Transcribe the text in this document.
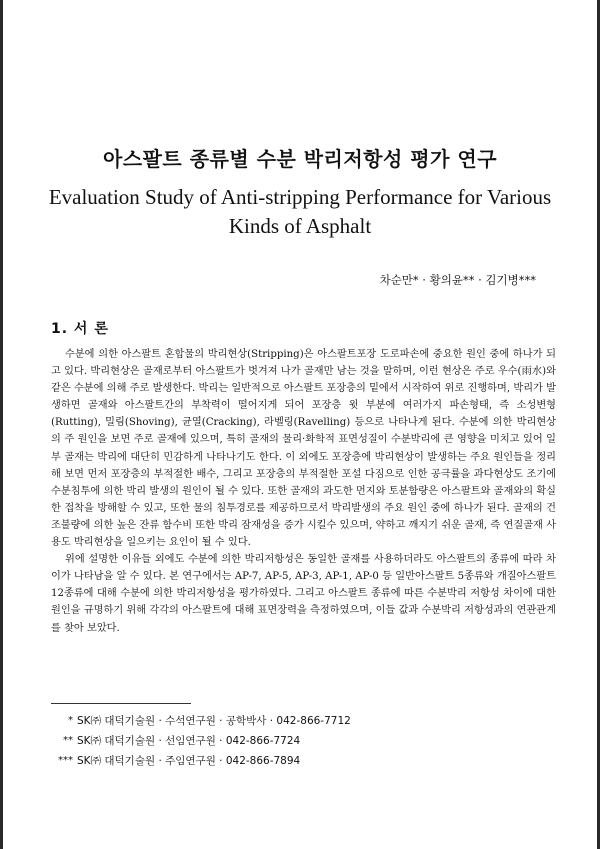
아스팔트 종류별 수분 박리저항성 평가 연구
Evaluation Study of Anti-stripping Performance for Various Kinds of Asphalt
차순만* · 황의윤** · 김기병***
1. 서 론

수분에 의한 아스팔트 혼합물의 박리현상(Stripping)은 아스팔트포장 도로파손에 중요한 원인 중에 하나가 되고 있다. 박리현상은 골재로부터 아스팔트가 벗겨져 나가 골재만 남는 것을 말하며, 이런 현상은 주로 우수(雨水)와 같은 수분에 의해 주로 발생한다. 박리는 일반적으로 아스팔트 포장층의 밑에서 시작하여 위로 진행하며, 박리가 발생하면 골재와 아스팔트간의 부착력이 떨어지게 되어 포장층 윗 부분에 여러가지 파손형태, 즉 소성변형(Rutting), 밀림(Shoving), 균열(Cracking), 라벨링(Ravelling) 등으로 나타나게 된다. 수분에 의한 박리현상의 주 원인을 보면 주로 골재에 있으며, 특히 골재의 물리·화학적 표면성질이 수분박리에 큰 영향을 미치고 있어 일부 골재는 박리에 대단히 민감하게 나타나기도 한다. 이 외에도 포장층에 박리현상이 발생하는 주요 원인들을 정리해 보면 먼저 포장층의 부적절한 배수, 그리고 포장층의 부적절한 포설 다짐으로 인한 공극률을 과다현상도 조기에 수분침투에 의한 박리 발생의 원인이 될 수 있다. 또한 골재의 과도한 먼지와 토분함량은 아스팔트와 골재와의 확실한 접착을 방해할 수 있고, 또한 물의 침투경로를 제공하므로서 박리발생의 주요 원인 중에 하나가 된다. 골재의 건조불량에 의한 높은 잔류 함수비 또한 박리 잠재성을 증가 시킬수 있으며, 약하고 깨지기 쉬운 골재, 즉 연질골재 사용도 박리현상을 일으키는 요인이 될 수 있다.

위에 설명한 이유들 외에도 수분에 의한 박리저항성은 동일한 골재를 사용하더라도 아스팔트의 종류에 따라 차이가 나타남을 알 수 있다. 본 연구에서는 AP-7, AP-5, AP-3, AP-1, AP-0 등 일반아스팔트 5종류와 개질아스팔트 12종류에 대해 수분에 의한 박리저항성을 평가하였다. 그리고 아스팔트 종류에 따른 수분박리 저항성 차이에 대한 원인을 규명하기 위해 각각의 아스팔트에 대해 표면장력을 측정하였으며, 이들 값과 수분박리 저항성과의 연관관계를 찾아 보았다.

* SK㈜ 대덕기술원 · 수석연구원 · 공학박사 · 042-866-7712
** SK㈜ 대덕기술원 · 선임연구원 · 042-866-7724
*** SK㈜ 대덕기술원 · 주임연구원 · 042-866-7894
